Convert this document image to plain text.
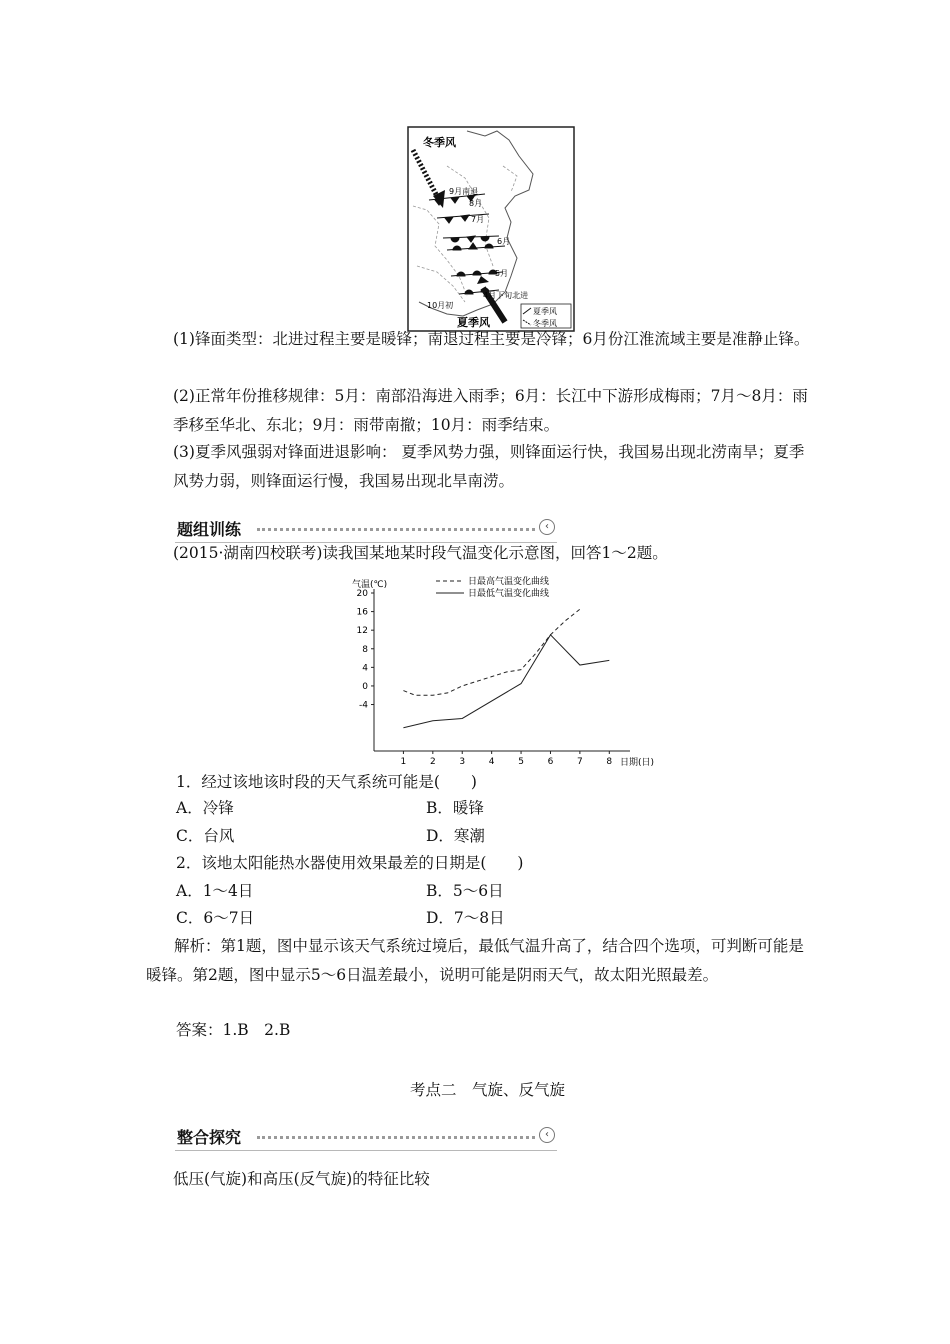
冬季风
9月南退
8月
7月
6月
5月
4月下旬北进
10月初
夏季风
夏季风
冬季风
(1)锋面类型：北进过程主要是暖锋；南退过程主要是冷锋；6月份江淮流域主要是准静止锋。
(2)正常年份推移规律：5月：南部沿海进入雨季；6月：长江中下游形成梅雨；7月～8月：雨季移至华北、东北；9月：雨带南撤；10月：雨季结束。
(3)夏季风强弱对锋面进退影响： 夏季风势力强，则锋面运行快，我国易出现北涝南旱；夏季风势力弱，则锋面运行慢，我国易出现北旱南涝。
题组训练	‹
(2015·湖南四校联考)读我国某地某时段气温变化示意图，回答1～2题。
-4
0
4
8
12
16
20
1	2	3	4	5	6	7	8
气温(℃)
日期(日)
日最高气温变化曲线
日最低气温变化曲线
1．经过该地该时段的天气系统可能是(　　)
A．冷锋	B．暖锋
C．台风	D．寒潮
2．该地太阳能热水器使用效果最差的日期是(　　)
A．1～4日	B．5～6日
C．6～7日	D．7～8日
解析：第1题，图中显示该天气系统过境后，最低气温升高了，结合四个选项，可判断可能是暖锋。第2题，图中显示5～6日温差最小，说明可能是阴雨天气，故太阳光照最差。
答案：1.B　2.B
考点二　气旋、反气旋
整合探究	‹
低压(气旋)和高压(反气旋)的特征比较
